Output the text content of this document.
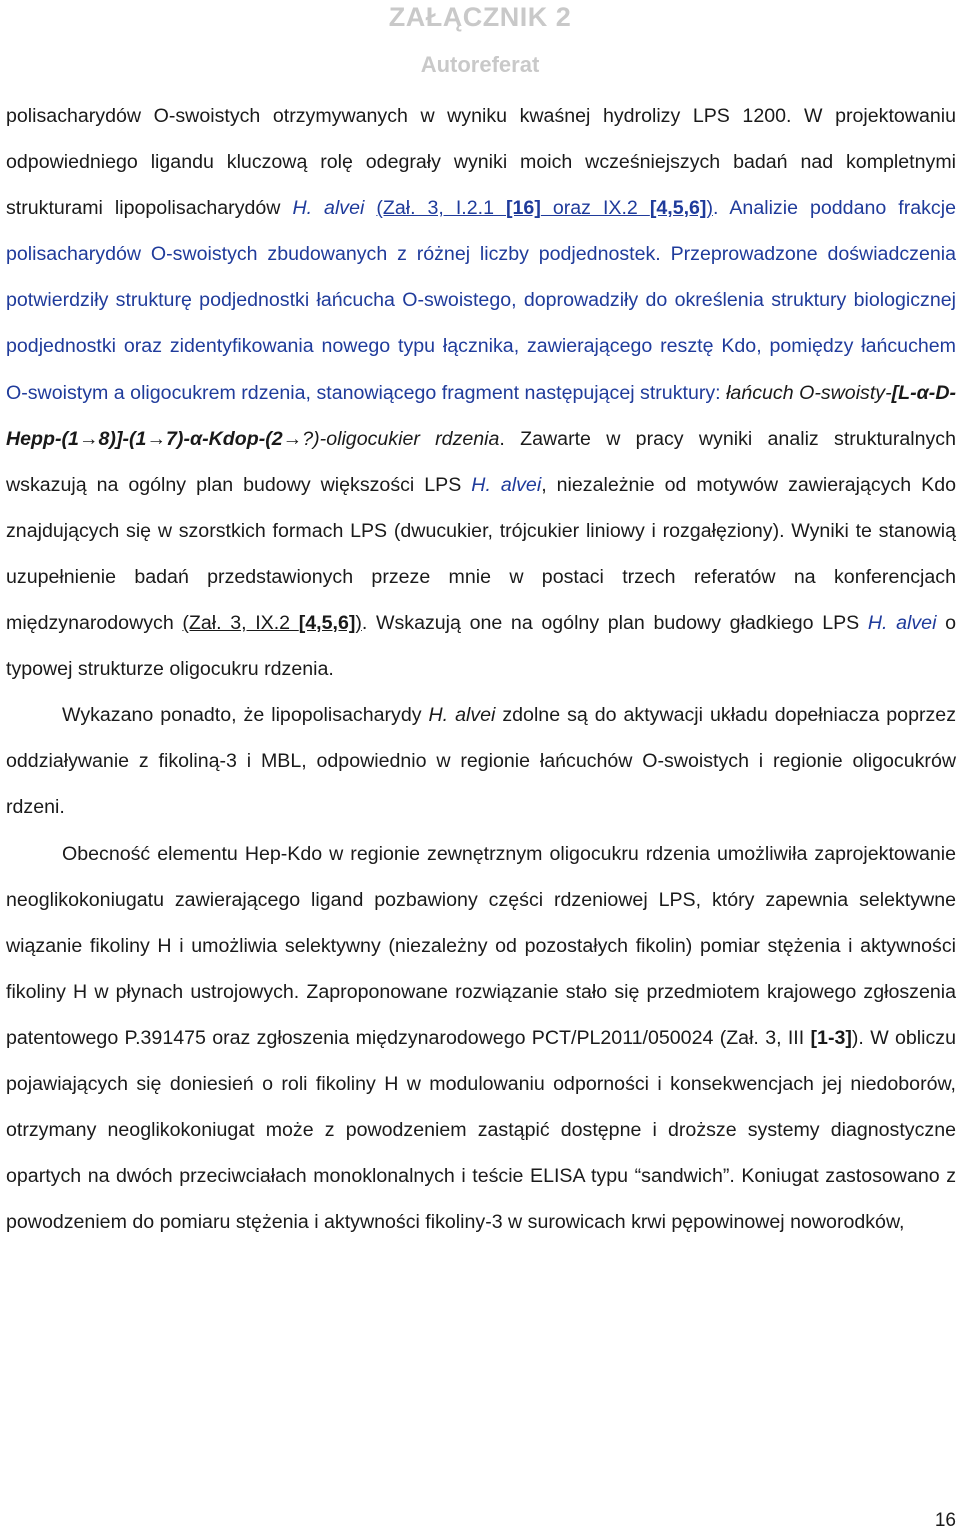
ZAŁĄCZNIK 2
Autoreferat

polisacharydów O-swoistych otrzymywanych w wyniku kwaśnej hydrolizy LPS 1200. W projektowaniu odpowiedniego ligandu kluczową rolę odegrały wyniki moich wcześniejszych badań nad kompletnymi strukturami lipopolisacharydów H. alvei (Zał. 3, I.2.1 [16] oraz IX.2 [4,5,6]). Analizie poddano frakcje polisacharydów O-swoistych zbudowanych z różnej liczby podjednostek. Przeprowadzone doświadczenia potwierdziły strukturę podjednostki łańcucha O-swoistego, doprowadziły do określenia struktury biologicznej podjednostki oraz zidentyfikowania nowego typu łącznika, zawierającego resztę Kdo, pomiędzy łańcuchem O-swoistym a oligocukrem rdzenia, stanowiącego fragment następującej struktury: łańcuch O-swoisty-[L-α-D-Hepp-(1→8)]-(1→7)-α-Kdop-(2→?)-oligocukier rdzenia. Zawarte w pracy wyniki analiz strukturalnych wskazują na ogólny plan budowy większości LPS H. alvei, niezależnie od motywów zawierających Kdo znajdujących się w szorstkich formach LPS (dwucukier, trójcukier liniowy i rozgałęziony). Wyniki te stanowią uzupełnienie badań przedstawionych przeze mnie w postaci trzech referatów na konferencjach międzynarodowych (Zał. 3, IX.2 [4,5,6]). Wskazują one na ogólny plan budowy gładkiego LPS H. alvei o typowej strukturze oligocukru rdzenia.

Wykazano ponadto, że lipopolisacharydy H. alvei zdolne są do aktywacji układu dopełniacza poprzez oddziaływanie z fikoliną-3 i MBL, odpowiednio w regionie łańcuchów O-swoistych i regionie oligocukrów rdzeni.

Obecność elementu Hep-Kdo w regionie zewnętrznym oligocukru rdzenia umożliwiła zaprojektowanie neoglikokoniugatu zawierającego ligand pozbawiony części rdzeniowej LPS, który zapewnia selektywne wiązanie fikoliny H i umożliwia selektywny (niezależny od pozostałych fikolin) pomiar stężenia i aktywności fikoliny H w płynach ustrojowych. Zaproponowane rozwiązanie stało się przedmiotem krajowego zgłoszenia patentowego P.391475 oraz zgłoszenia międzynarodowego PCT/PL2011/050024 (Zał. 3, III [1-3]). W obliczu pojawiających się doniesień o roli fikoliny H w modulowaniu odporności i konsekwencjach jej niedoborów, otrzymany neoglikokoniugat może z powodzeniem zastąpić dostępne i droższe systemy diagnostyczne opartych na dwóch przeciwciałach monoklonalnych i teście ELISA typu “sandwich”. Koniugat zastosowano z powodzeniem do pomiaru stężenia i aktywności fikoliny-3 w surowicach krwi pępowinowej noworodków,

16
